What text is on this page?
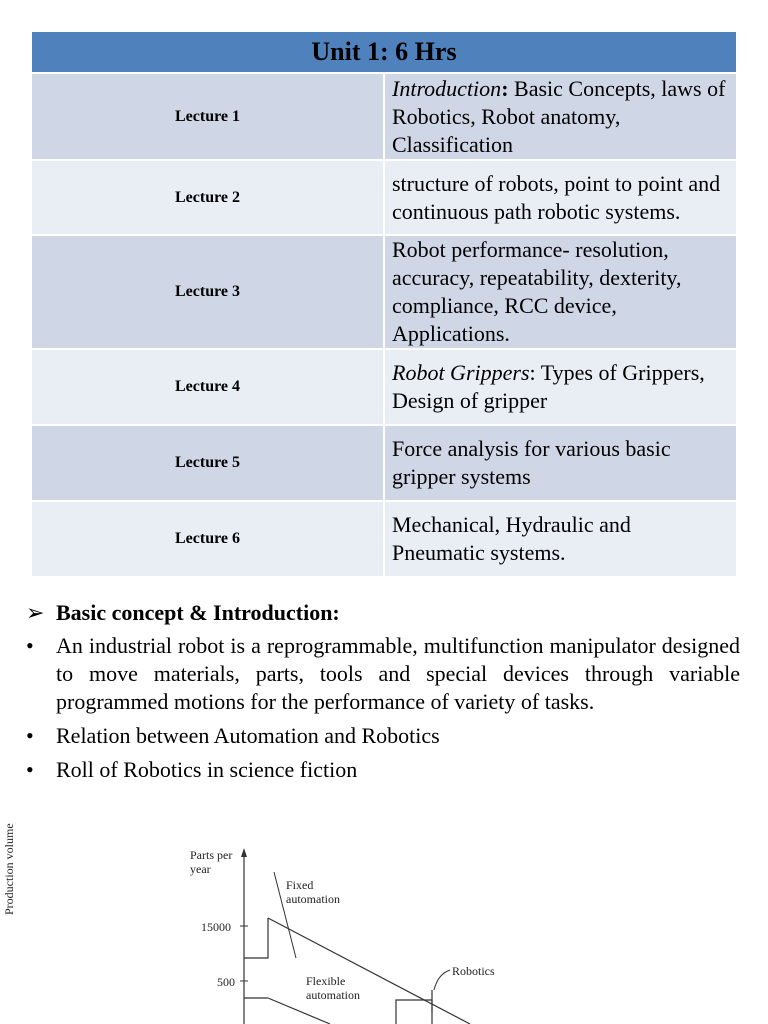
Unit 1: 6 Hrs	
Lecture 1	Introduction: Basic Concepts, laws of Robotics, Robot anatomy, Classification
Lecture 2	structure of robots, point to point and continuous path robotic systems.
Lecture 3	Robot performance- resolution, accuracy, repeatability, dexterity, compliance, RCC device, Applications.
Lecture 4	Robot Grippers: Types of Grippers, Design of gripper
Lecture 5	Force analysis for various basic gripper systems
Lecture 6	Mechanical, Hydraulic and Pneumatic systems.
➢ Basic concept & Introduction:
• An industrial robot is a reprogrammable, multifunction manipulator designed to move materials, parts, tools and special devices through variable programmed motions for the performance of variety of tasks.
• Relation between Automation and Robotics
• Roll of Robotics in science fiction
Parts per year
15000
500
Fixed automation
Flexible automation
Robotics
Production volume
